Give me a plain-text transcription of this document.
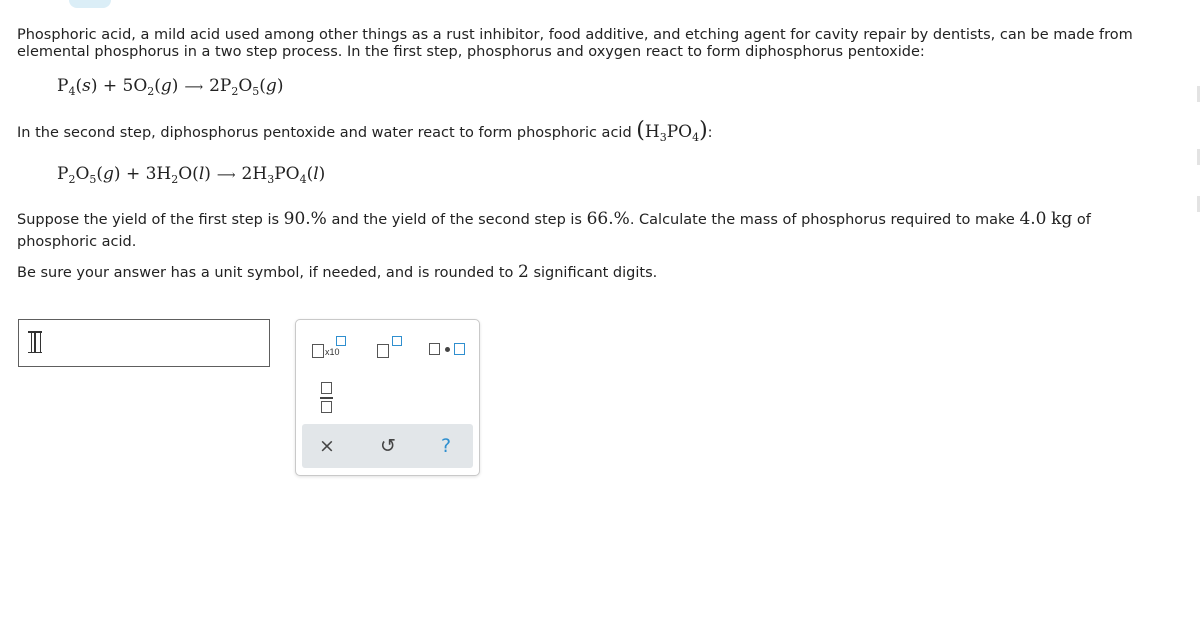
Phosphoric acid, a mild acid used among other things as a rust inhibitor, food additive, and etching agent for cavity repair by dentists, can be made from elemental phosphorus in a two step process. In the first step, phosphorus and oxygen react to form diphosphorus pentoxide:

$P_4(s) + 5O_2(g)$ ⟶ $2P_2O_5(g)$

In the second step, diphosphorus pentoxide and water react to form phosphoric acid $(H_3PO_4)$:

$P_2O_5(g) + 3H_2O(l)$ ⟶ $2H_3PO_4(l)$

Suppose the yield of the first step is 90.% and the yield of the second step is 66.%. Calculate the mass of phosphorus required to make 4.0 kg of phosphoric acid.

Be sure your answer has a unit symbol, if needed, and is rounded to 2 significant digits.

x10
× ↺	?
